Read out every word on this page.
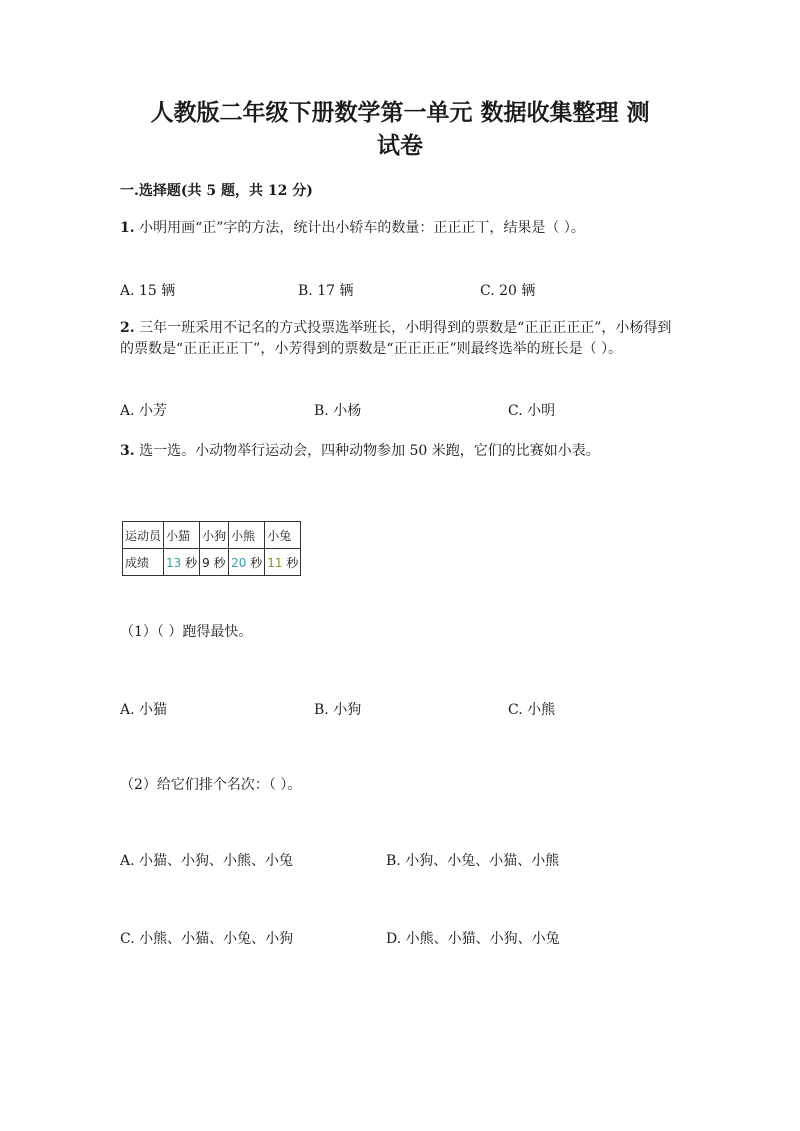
人教版二年级下册数学第一单元 数据收集整理 测
试卷
一.选择题(共 5 题，共 12 分)
1. 小明用画“正”字的方法，统计出小轿车的数量：正正正丅，结果是（ ）。
A. 15 辆	B. 17 辆	C. 20 辆
2. 三年一班采用不记名的方式投票选举班长，小明得到的票数是“正正正正正”，小杨得到的票数是“正正正正丅”，小芳得到的票数是“正正正正”则最终选举的班长是（ ）。
A. 小芳	B. 小杨	C. 小明
3. 选一选。小动物举行运动会，四种动物参加 50 米跑，它们的比赛如小表。
运动员	小猫	小狗	小熊	小兔
成绩	13 秒	9 秒	20 秒	11 秒
（1）（ ）跑得最快。
A. 小猫	B. 小狗	C. 小熊
（2）给它们排个名次：（ ）。
A. 小猫、小狗、小熊、小兔	B. 小狗、小兔、小猫、小熊
C. 小熊、小猫、小兔、小狗	D. 小熊、小猫、小狗、小兔
